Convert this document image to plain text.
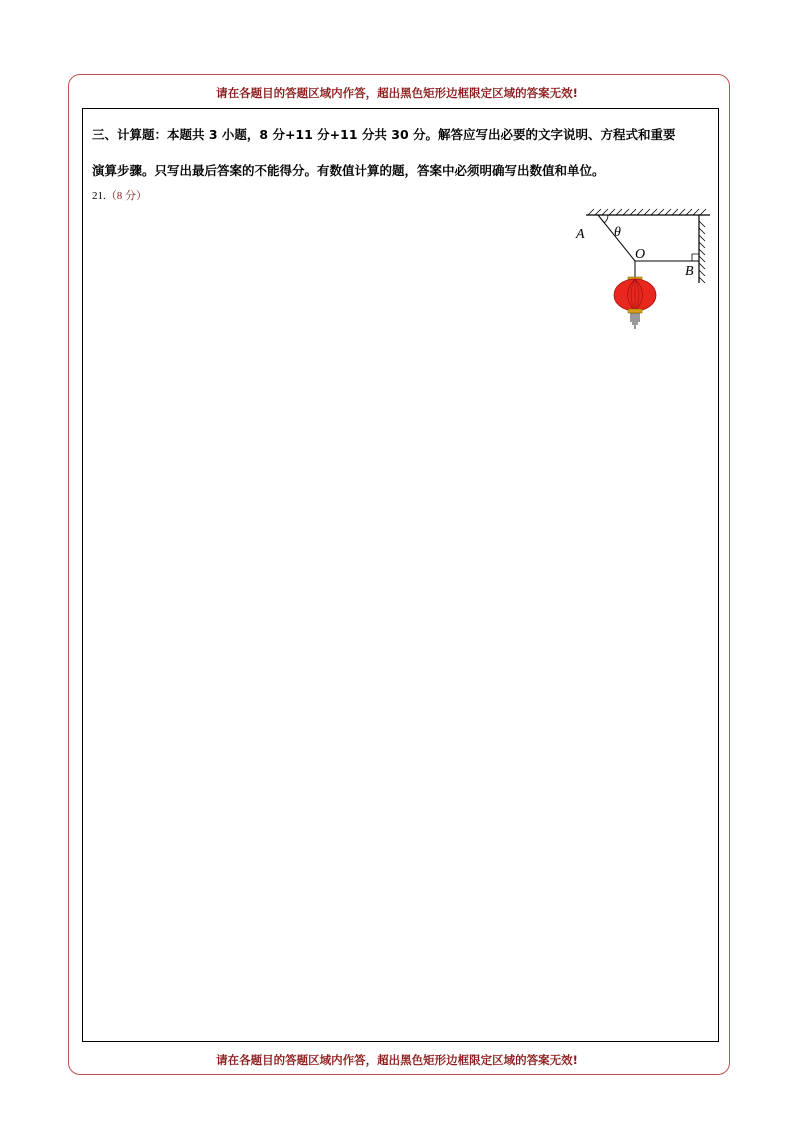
请在各题目的答题区域内作答，超出黑色矩形边框限定区域的答案无效!
三、计算题：本题共 3 小题，8 分+11 分+11 分共 30 分。解答应写出必要的文字说明、方程式和重要
演算步骤。只写出最后答案的不能得分。有数值计算的题，答案中必须明确写出数值和单位。
21.（8 分）
A θ
O
B
请在各题目的答题区域内作答，超出黑色矩形边框限定区域的答案无效!
